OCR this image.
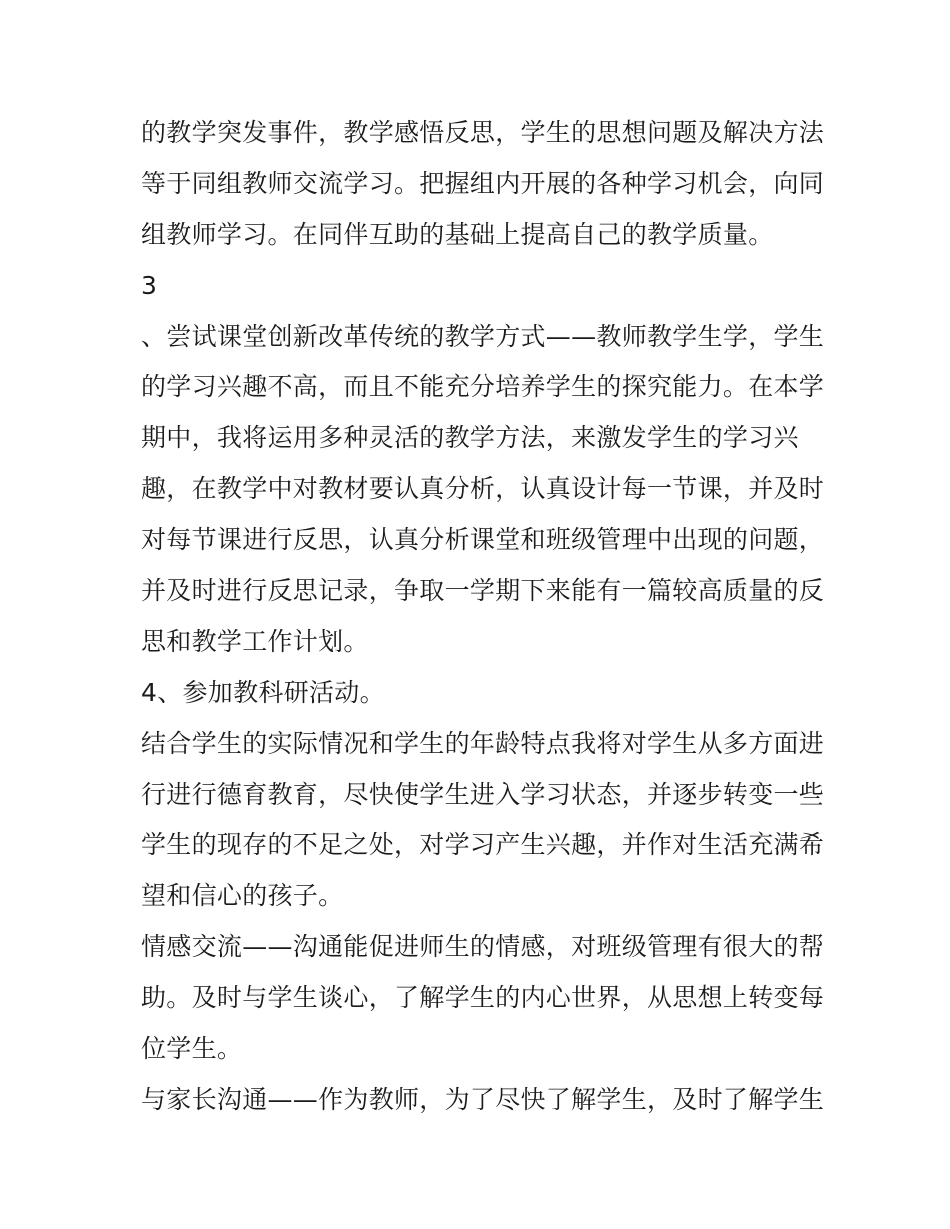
的教学突发事件，教学感悟反思，学生的思想问题及解决方法
等于同组教师交流学习。把握组内开展的各种学习机会，向同
组教师学习。在同伴互助的基础上提高自己的教学质量。
3
、尝试课堂创新改革传统的教学方式——教师教学生学，学生
的学习兴趣不高，而且不能充分培养学生的探究能力。在本学
期中，我将运用多种灵活的教学方法，来激发学生的学习兴
趣，在教学中对教材要认真分析，认真设计每一节课，并及时
对每节课进行反思，认真分析课堂和班级管理中出现的问题，
并及时进行反思记录，争取一学期下来能有一篇较高质量的反
思和教学工作计划。
4、参加教科研活动。
结合学生的实际情况和学生的年龄特点我将对学生从多方面进
行进行德育教育，尽快使学生进入学习状态，并逐步转变一些
学生的现存的不足之处，对学习产生兴趣，并作对生活充满希
望和信心的孩子。
情感交流——沟通能促进师生的情感，对班级管理有很大的帮
助。及时与学生谈心，了解学生的内心世界，从思想上转变每
位学生。
与家长沟通——作为教师，为了尽快了解学生，及时了解学生
